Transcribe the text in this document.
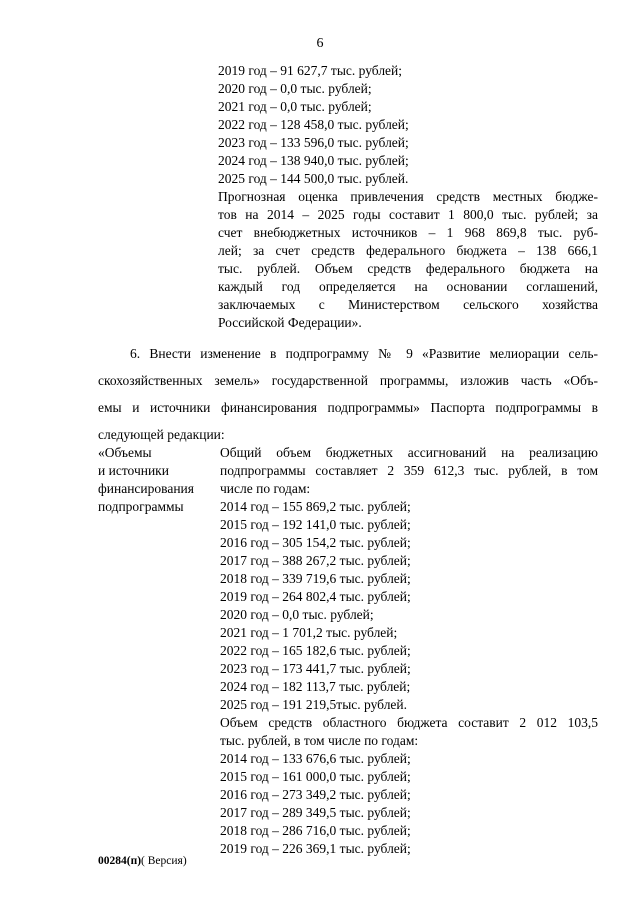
6
2019 год – 91 627,7 тыс. рублей;
2020 год – 0,0 тыс. рублей;
2021 год – 0,0 тыс. рублей;
2022 год – 128 458,0 тыс. рублей;
2023 год – 133 596,0 тыс. рублей;
2024 год – 138 940,0 тыс. рублей;
2025 год – 144 500,0 тыс. рублей.
Прогнозная оценка привлечения средств местных бюдже-
тов на 2014 – 2025 годы составит 1 800,0 тыс. рублей; за
счет внебюджетных источников – 1 968 869,8 тыс. руб-
лей; за счет средств федерального бюджета – 138 666,1
тыс. рублей. Объем средств федерального бюджета на
каждый год определяется на основании соглашений,
заключаемых с Министерством сельского хозяйства
Российской Федерации».
6. Внести изменение в подпрограмму № 9 «Развитие мелиорации сель-
скохозяйственных земель» государственной программы, изложив часть «Объ-
емы и источники финансирования подпрограммы» Паспорта подпрограммы в
следующей редакции:
«Объемы
и источники
финансирования
подпрограммы
Общий объем бюджетных ассигнований на реализацию
подпрограммы составляет 2 359 612,3 тыс. рублей, в том
числе по годам:
2014 год – 155 869,2 тыс. рублей;
2015 год – 192 141,0 тыс. рублей;
2016 год – 305 154,2 тыс. рублей;
2017 год – 388 267,2 тыс. рублей;
2018 год – 339 719,6 тыс. рублей;
2019 год – 264 802,4 тыс. рублей;
2020 год – 0,0 тыс. рублей;
2021 год – 1 701,2 тыс. рублей;
2022 год – 165 182,6 тыс. рублей;
2023 год – 173 441,7 тыс. рублей;
2024 год – 182 113,7 тыс. рублей;
2025 год – 191 219,5тыс. рублей.
Объем средств областного бюджета составит 2 012 103,5
тыс. рублей, в том числе по годам:
2014 год – 133 676,6 тыс. рублей;
2015 год – 161 000,0 тыс. рублей;
2016 год – 273 349,2 тыс. рублей;
2017 год – 289 349,5 тыс. рублей;
2018 год – 286 716,0 тыс. рублей;
2019 год – 226 369,1 тыс. рублей;
00284(п)( Версия)
